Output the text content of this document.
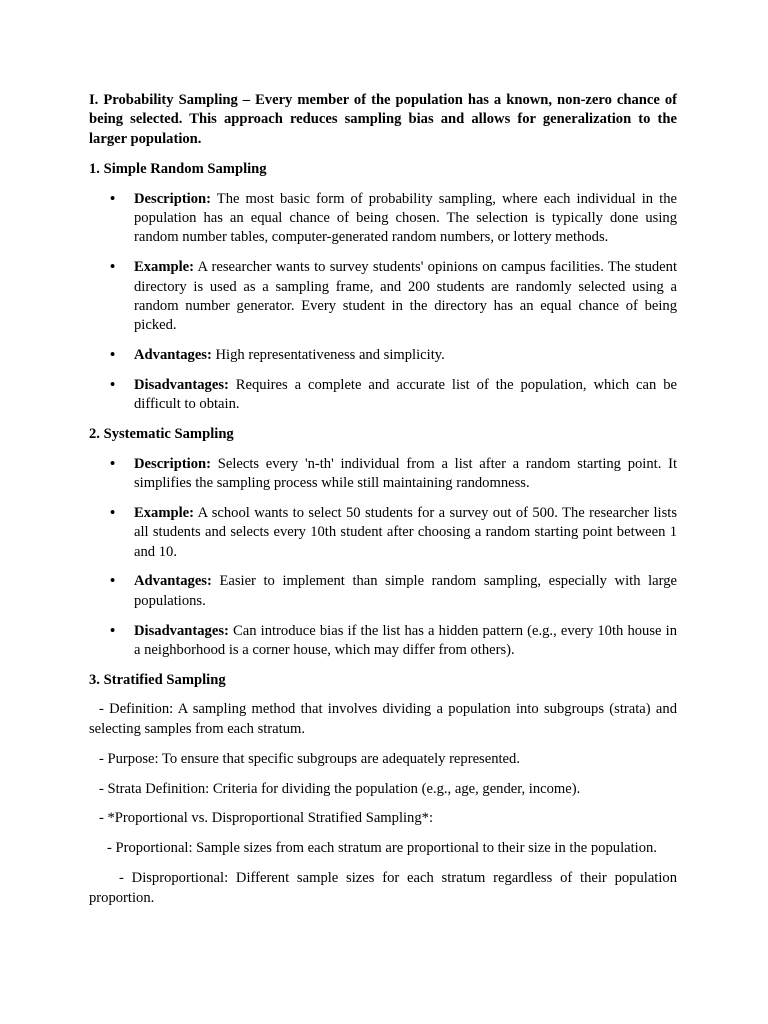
I. Probability Sampling – Every member of the population has a known, non-zero chance of being selected. This approach reduces sampling bias and allows for generalization to the larger population.

1. Simple Random Sampling

• Description: The most basic form of probability sampling, where each individual in the population has an equal chance of being chosen. The selection is typically done using random number tables, computer-generated random numbers, or lottery methods.
• Example: A researcher wants to survey students' opinions on campus facilities. The student directory is used as a sampling frame, and 200 students are randomly selected using a random number generator. Every student in the directory has an equal chance of being picked.
• Advantages: High representativeness and simplicity.
• Disadvantages: Requires a complete and accurate list of the population, which can be difficult to obtain.

2. Systematic Sampling

• Description: Selects every 'n-th' individual from a list after a random starting point. It simplifies the sampling process while still maintaining randomness.
• Example: A school wants to select 50 students for a survey out of 500. The researcher lists all students and selects every 10th student after choosing a random starting point between 1 and 10.
• Advantages: Easier to implement than simple random sampling, especially with large populations.
• Disadvantages: Can introduce bias if the list has a hidden pattern (e.g., every 10th house in a neighborhood is a corner house, which may differ from others).

3. Stratified Sampling

- Definition: A sampling method that involves dividing a population into subgroups (strata) and selecting samples from each stratum.

- Purpose: To ensure that specific subgroups are adequately represented.

- Strata Definition: Criteria for dividing the population (e.g., age, gender, income).

- *Proportional vs. Disproportional Stratified Sampling*:

- Proportional: Sample sizes from each stratum are proportional to their size in the population.

- Disproportional: Different sample sizes for each stratum regardless of their population proportion.
